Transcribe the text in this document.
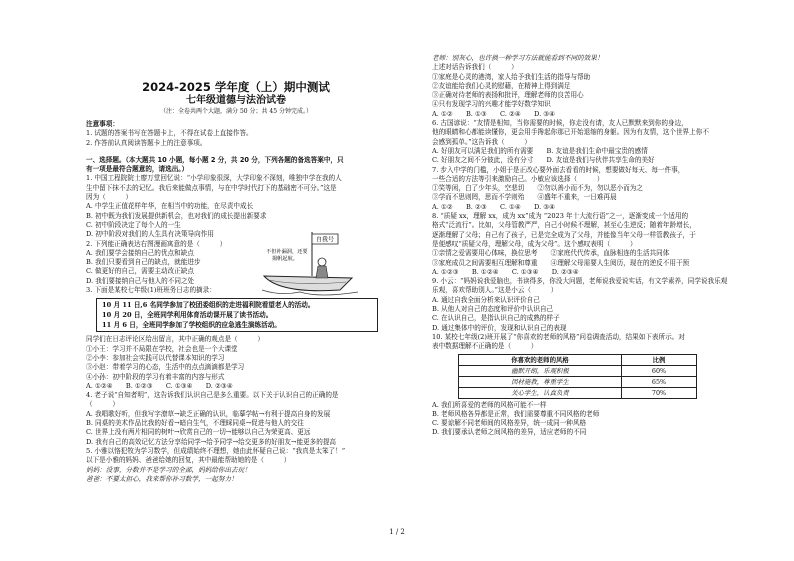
2024-2025 学年度（上）期中测试
七年级道德与法治试卷
（注：全卷共两个大题，满分 50 分；共 45 分钟完成。）
注意事项：
1. 试题的答案书写在答题卡上，不得在试卷上直接作答。
2. 作答前认真阅读答题卡上的注意事项。
一、选择题。（本大题共 10 小题，每小题 2 分，共 20 分，下列各题的备选答案中，只
有一项是最符合题意的，请选出。）
1. 中国工程院院士廖万堂回忆说：“小学印象很深，大学印象不深刻，唯独中学在我的人
生中留下抹不去的记忆。我后来能做点事情，与在中学时代打下的基础密不可分。”这是
因为（　　　）
A. 中学生正值花样年华，在相当中的功能，在尽责中成长
B. 初中既为我们发展提供新机会，也对我们的成长提出新要求
C. 初中阶段决定了每个人的一生
D. 初中阶段对我们的人生具有决策导向作用
2. 下列能正确表达右图漫画寓意的是（　　　）
A. 我们要学会接纳自己的优点和缺点
B. 我们只要看到自己的缺点，就能进步
C. 做更好的自己，需要主动改正缺点
D. 我们要接纳自己与他人的不同之处
3. 下面是某校七年级(1)班班务日志的摘录：
10 月 11 日,6 名同学参加了校团委组织的走进福利院看望老人的活动。
10 月 20 日，全班同学利用体育活动课开展了读书活动。
11 月 6 日，全班同学参加了学校组织的应急逃生演练活动。
同学们在日志评论区给出留言，其中正确的观点是（　　　）
①小王：学习并不局限在学校，社会也是一个大课堂
②小李：参加社会实践可以代替课本知识的学习
③小赵：带着学习的心态，生活中的点点滴滴都是学习
④小孙：初中阶段的学习有着丰富的内容与形式
A. ①②④　　B. ①②③　　C. ①③④　　D. ②③④
4. 老子说“自知者明”，这告诉我们认识自己是多么重要。以下关于认识自己的正确的是
（　　　）
A. 我唱歌好听，但我写字潦草→缺乏正确的认识，临摹学帖→有利于提高自身的发展
B. 同桌的美术作品比我的好看→暗自生气，不理睬同桌→促进与他人的交往
C. 世界上没有两片相同的树叶→欣赏自己的一切→能够以自己为荣更高、更远
D. 我有自己的高效记忆方法分享给同学→给予同学→给交更多的好朋友→能更多的提高
5. 小雅以恪犯牧为学习数学，但成绩始终不理想，她由此怀疑自己说：“我真是太笨了！”
以下是小雅的妈妈、爸爸给她的回复，其中最能帮助她的是（　　　）
妈妈：没事，分数并不是学习的全部，妈妈给你出去玩！
爸爸：不要太担心，我来帮你补习数学，一起努力！
自我号
不但补漏洞，还要
揚帆起航。
老师：别灰心，也许换一种学习方法就能看到不同的效果！
上述对话告诉我们（　　　）
①家庭是心灵的港湾，家人给予我们生活的指导与帮助
②友谊能给我们心灵的慰藉，在精神上得到满足
③正确对待老师的表扬和批评，理解老师的良苦用心
④只有发现学习的兴趣才能学好数学知识
A. ①②　　B. ①③　　C. ②④　　D. ③④
6. 古国谚说：“友情是相知，当你需要的时候，你走没有请，友人已默默来到你的身边，
他的眼睛和心都能读懂你，更会用手搀起你那已开始退缩的身躯。因为有友情，这个世界上你不
会感到孤单。”这告诉我（　　　）
A. 好朋友可以满足我们的所有需要　　B. 友谊是我们生命中最宝贵的感情
C. 好朋友之间不分彼此，没有分寸　　D. 友谊是我们与伙伴共享生命的美好
7. 步入中学的门槛，小姐于是正改心要外面去看看的时候，想要做好每天、每一件事，
一些合适的方法等引来激励自己。小敏应该选择（　　　）
①笑等闲，白了少年头，空悲切　　②勿以善小而不为，勿以恶小而为之
③学而不思则罔，思而不学则殆　　④盛年不重来，一日难再晨
A. ①②　　B. ②③　　C. ①④　　D. ③④
8. “质疑 xx，理解 xx，成为 xx”成为 “2023 年十大流行语”之一，逐渐变成一个适用的
格式“泛流行”。比如，父母管教严严，自己小时候不理解，甚至心生逆反；随着年龄增长，
逐渐理解了父母；自己有了孩子，已是完全成为了父母，并能像当年父母一样管教孩子，于
是便感叹“质疑父母，理解父母，成为父母”。这个感叹表明（　　　）
①亲情之爱需要用心体味，换位思考　　②家庭代代传承，血脉相连的生活共同体
③家庭成员之间需要相互理解和尊重　　④理解父母需要人生阅历，现在的逆反不用干预
A. ①②③　　B. ①②④　　C. ①③④　　D. ②③④
9. 小云：“妈妈说我爱脑也，书读得多，你没大问题，老师说我爱说实话，有文学素养，同学说我乐观
乐观，喜欢帮助别人。”这是小云（　　　）
A. 通过自我全面分析来认识评价自己
B. 从他人对自己的态度和评价中认识自己
C. 在认识自己，是指认识自己的成熟的样子
D. 通过集体中的评价，发现和认识自己的表现
10. 某校七年级(2)班开展了“你喜欢的老师的风格”问卷调查活动，结果如下表所示。对
表中数据理解不正确的是（　　　）
你喜欢的老师的风格	比例
幽默开朗，乐观积极	60%
因材施教，尊重学生	65%
关心学生，认真负责	70%
A. 我们所喜爱的老师的风格可能不一样
B. 老师风格各异都是正常，我们需要尊重不同风格的老师
C. 要谅解不同老师间的风格差异，统一成同一种风格
D. 我们要承认老师之间风格的差异，适应老师的不同
1 / 2
